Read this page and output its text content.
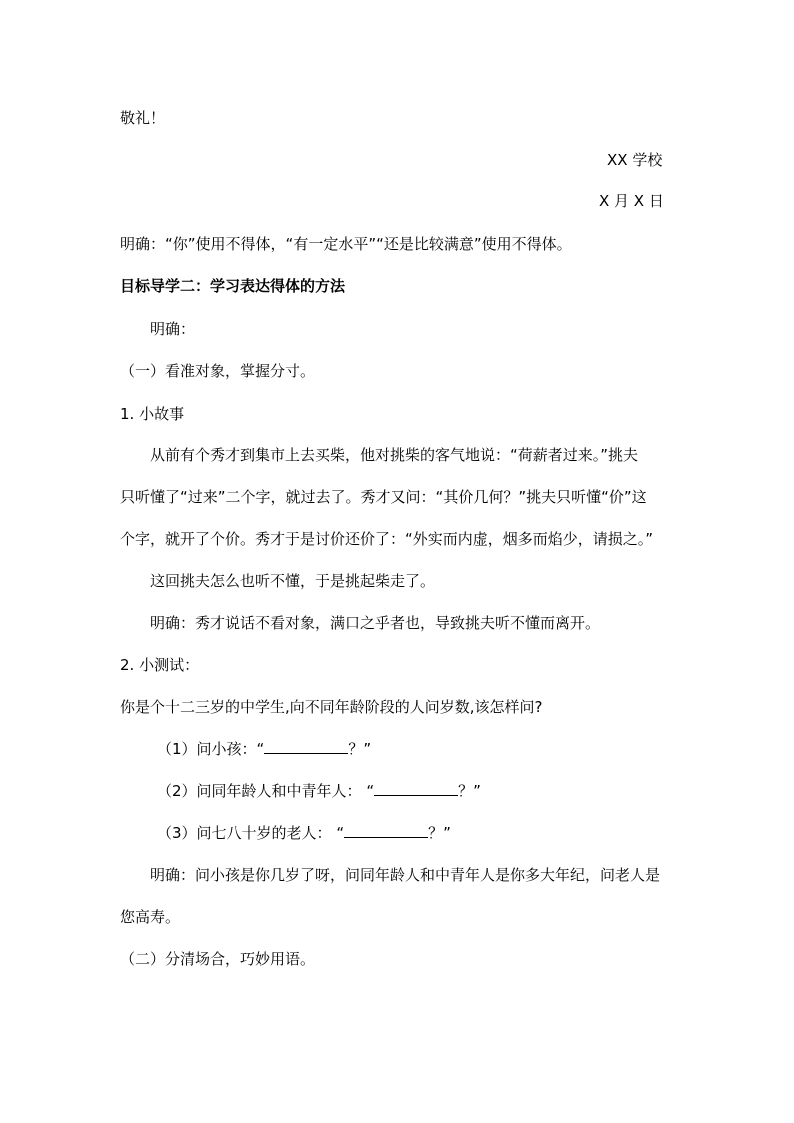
敬礼！
XX 学校
X 月 X 日
明确：“你”使用不得体，“有一定水平”“还是比较满意”使用不得体。
目标导学二：学习表达得体的方法
明确：
（一）看准对象，掌握分寸。
1. 小故事
从前有个秀才到集市上去买柴，他对挑柴的客气地说：“荷薪者过来。”挑夫
只听懂了“过来”二个字，就过去了。秀才又问：“其价几何？”挑夫只听懂“价”这
个字，就开了个价。秀才于是讨价还价了：“外实而内虚，烟多而焰少，请损之。”
这回挑夫怎么也听不懂，于是挑起柴走了。
明确：秀才说话不看对象，满口之乎者也，导致挑夫听不懂而离开。
2. 小测试：
你是个十二三岁的中学生,向不同年龄阶段的人问岁数,该怎样问?
（1）问小孩：“	？”
（2）问同年龄人和中青年人： “	？”
（3）问七八十岁的老人： “	？”
明确：问小孩是你几岁了呀，问同年龄人和中青年人是你多大年纪，问老人是
您高寿。
（二）分清场合，巧妙用语。
